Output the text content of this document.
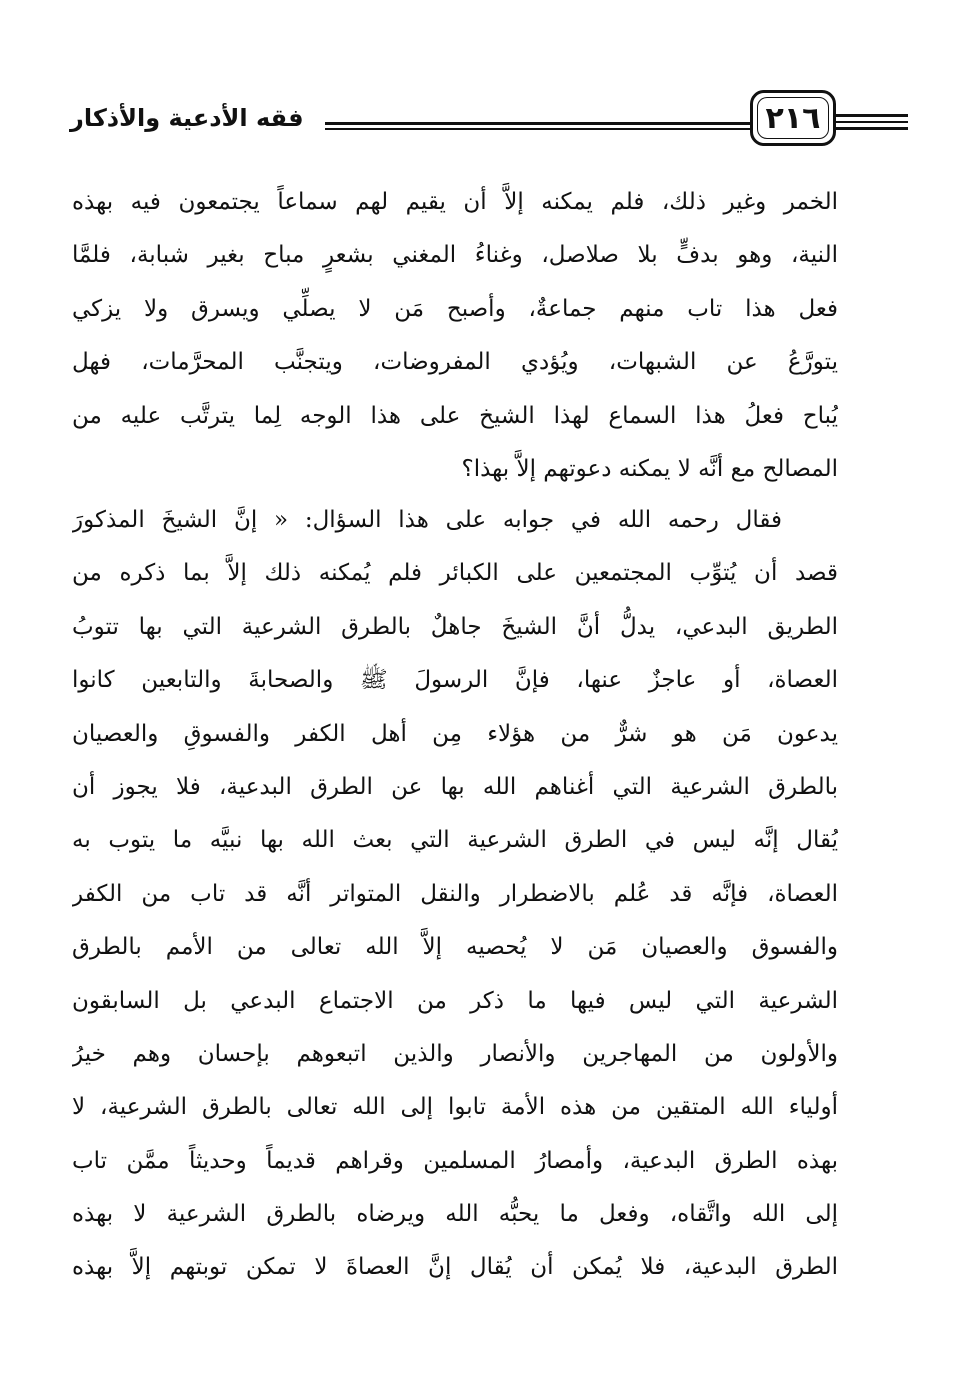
فقه الأدعية والأذكار	٢١٦
الخمر وغير ذلك، فلم يمكنه إلاَّ أن يقيم لهم سماعاً يجتمعون فيه بهذه
النية، وهو بدفٍّ بلا صلاصل، وغناءُ المغني بشعرٍ مباح بغير شبابة، فلمَّا
فعل هذا تاب منهم جماعةٌ، وأصبح مَن لا يصلِّي ويسرق ولا يزكي
يتورَّعُ عن الشبهات، ويُؤدي المفروضات، ويتجنَّب المحرَّمات، فهل
يُباح فعلُ هذا السماع لهذا الشيخ على هذا الوجه لِما يترتَّب عليه من
المصالح مع أنَّه لا يمكنه دعوتهم إلاَّ بهذا؟
فقال رحمه الله في جوابه على هذا السؤال: « إنَّ الشيخَ المذكورَ
قصد أن يُتوِّب المجتمعين على الكبائر فلم يُمكنه ذلك إلاَّ بما ذكره من
الطريق البدعي، يدلُّ أنَّ الشيخَ جاهلٌ بالطرق الشرعية التي بها تتوبُ
العصاة، أو عاجزٌ عنها، فإنَّ الرسولَ ﷺ والصحابةَ والتابعين كانوا
يدعون مَن هو شرٌّ من هؤلاء مِن أهل الكفر والفسوقِ والعصيان
بالطرق الشرعية التي أغناهم الله بها عن الطرق البدعية، فلا يجوز أن
يُقال إنَّه ليس في الطرق الشرعية التي بعث الله بها نبيَّه ما يتوب به
العصاة، فإنَّه قد عُلم بالاضطرار والنقل المتواتر أنَّه قد تاب من الكفر
والفسوق والعصيان مَن لا يُحصيه إلاَّ الله تعالى من الأمم بالطرق
الشرعية التي ليس فيها ما ذكر من الاجتماع البدعي بل السابقون
والأولون من المهاجرين والأنصار والذين اتبعوهم بإحسان وهم خيرُ
أولياء الله المتقين من هذه الأمة تابوا إلى الله تعالى بالطرق الشرعية، لا
بهذه الطرق البدعية، وأمصارُ المسلمين وقراهم قديماً وحديثاً ممَّن تاب
إلى الله واتَّقاه، وفعل ما يحبُّه الله ويرضاه بالطرق الشرعية لا بهذه
الطرق البدعية، فلا يُمكن أن يُقال إنَّ العصاةَ لا تمكن توبتهم إلاَّ بهذه
